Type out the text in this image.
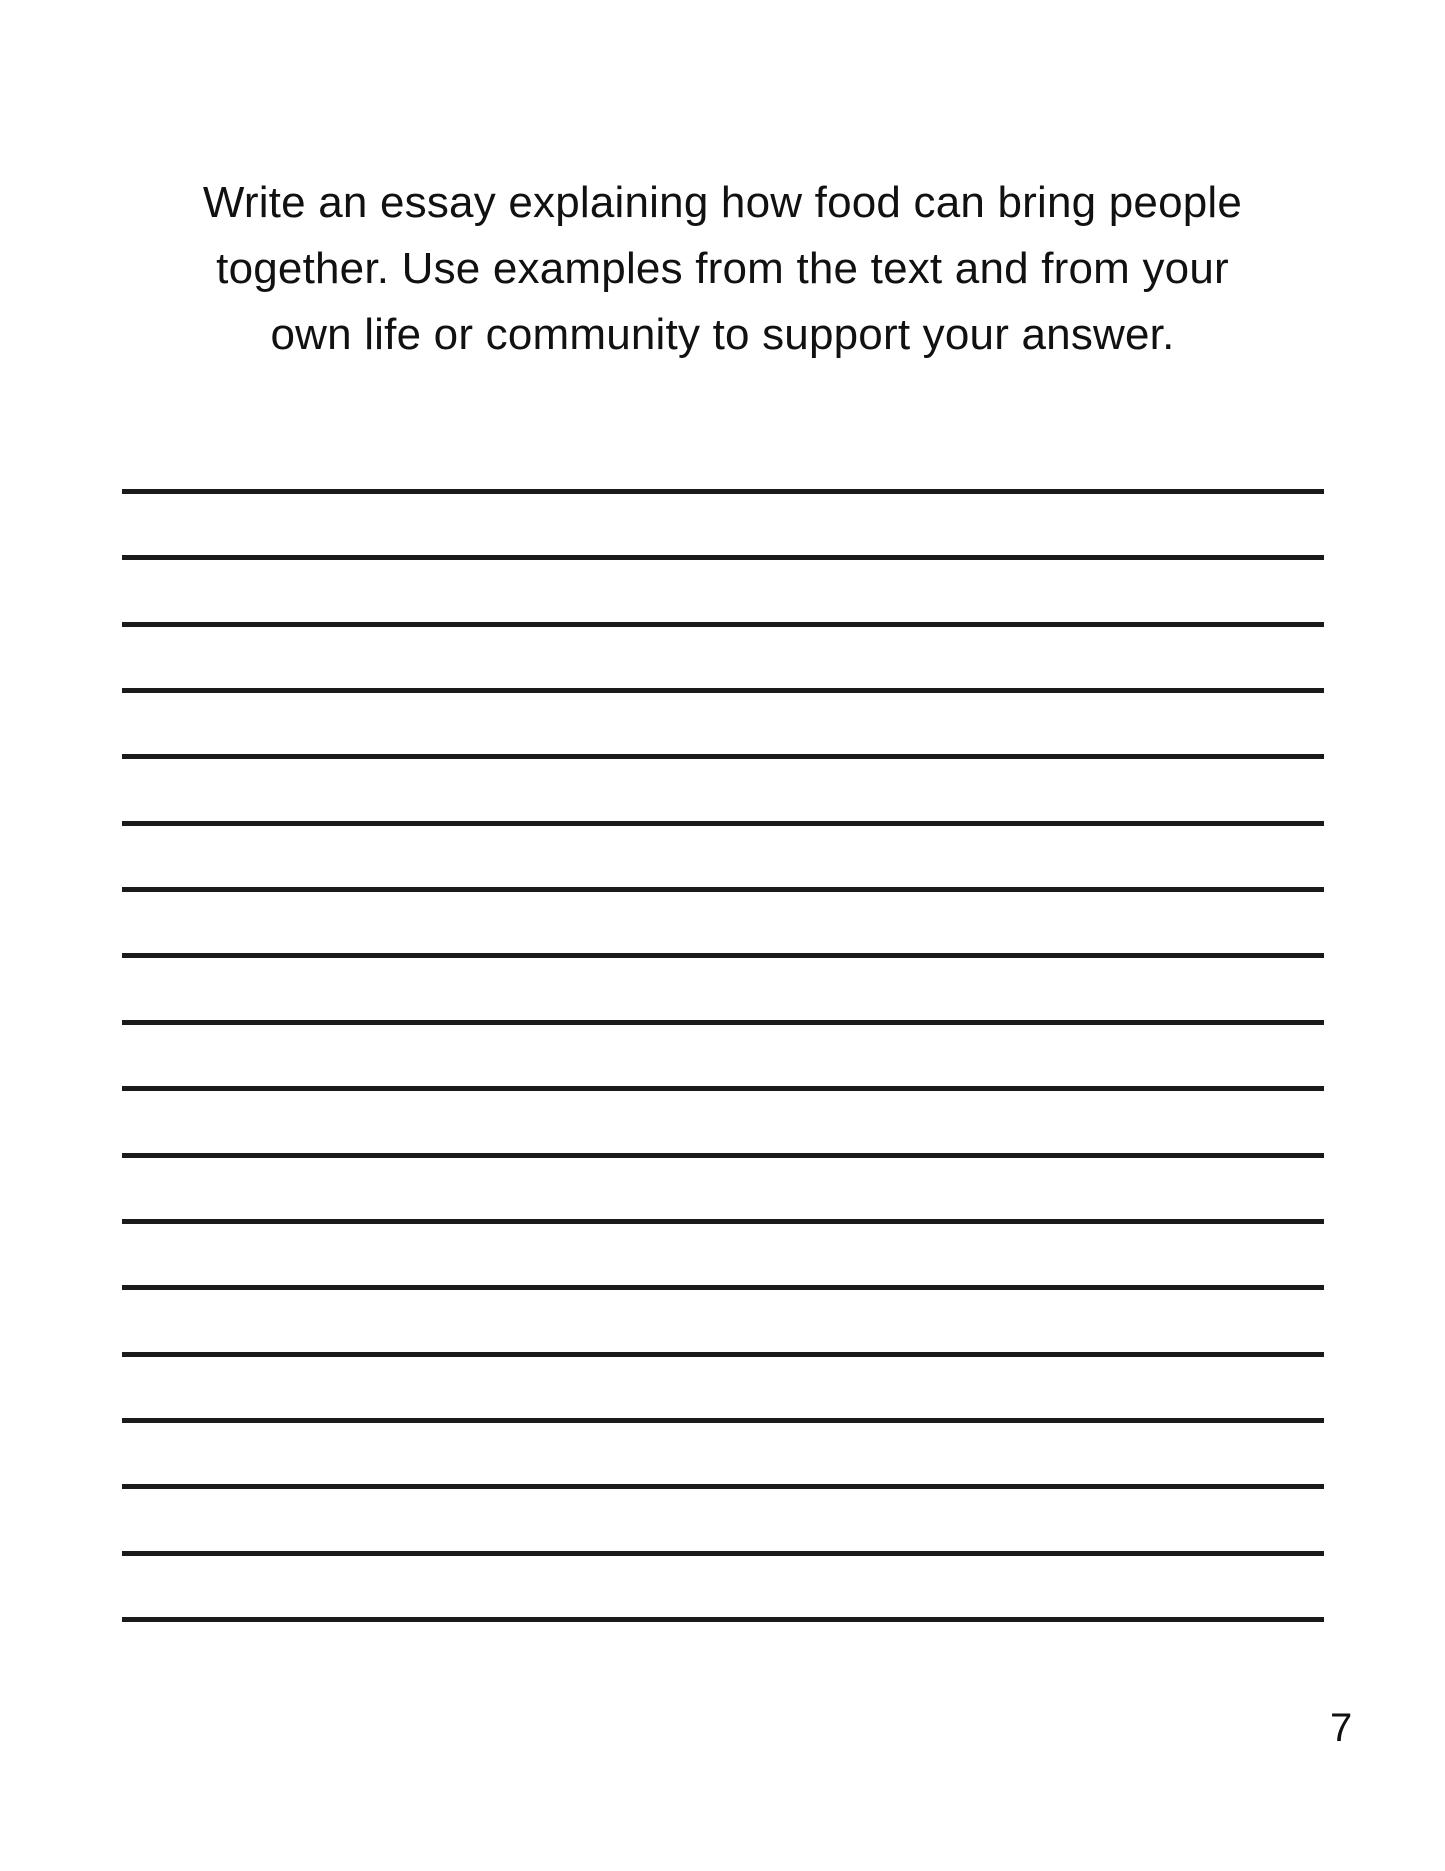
Write an essay explaining how food can bring people
together. Use examples from the text and from your
own life or community to support your answer.
7
